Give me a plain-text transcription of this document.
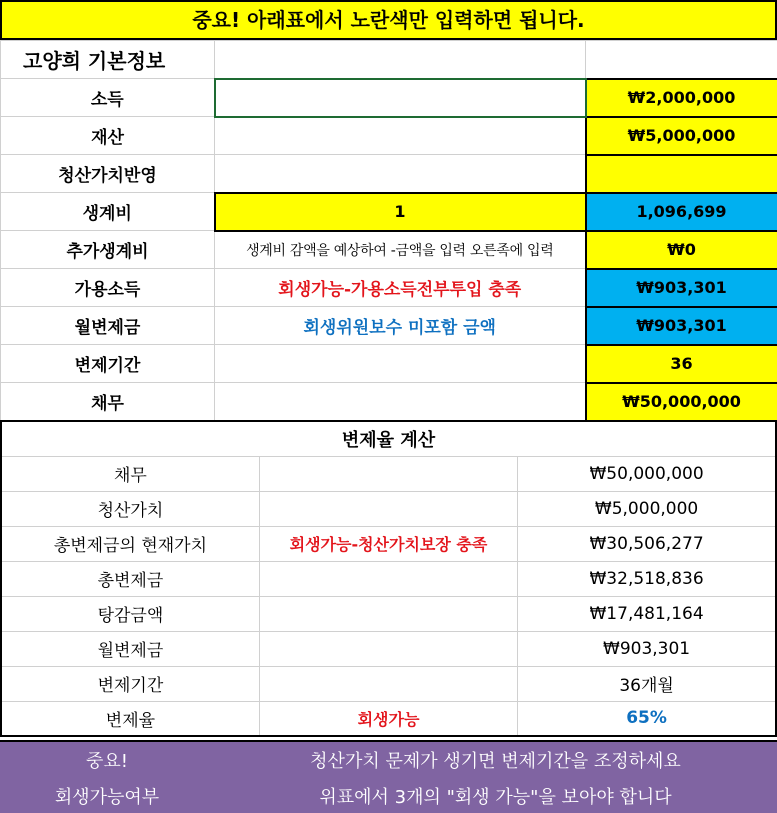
중요! 아래표에서 노란색만 입력하면 됩니다.
고양희 기본정보		
소득		₩2,000,000
재산		₩5,000,000
청산가치반영		
생계비	1	1,096,699
추가생계비	생계비 감액을 예상하여 -금액을 입력 오른족에 입력	₩0
가용소득	회생가능-가용소득전부투입 충족	₩903,301
월변제금	회생위원보수 미포함 금액	₩903,301
변제기간		36
채무		₩50,000,000
변제율 계산		
채무		₩50,000,000
청산가치		₩5,000,000
총변제금의 현재가치	회생가능-청산가치보장 충족	₩30,506,277
총변제금		₩32,518,836
탕감금액		₩17,481,164
월변제금		₩903,301
변제기간		36개월
변제율	회생가능	65%
중요!	청산가치 문제가 생기면 변제기간을 조정하세요
회생가능여부	위표에서 3개의 "회생 가능"을 보아야 합니다
